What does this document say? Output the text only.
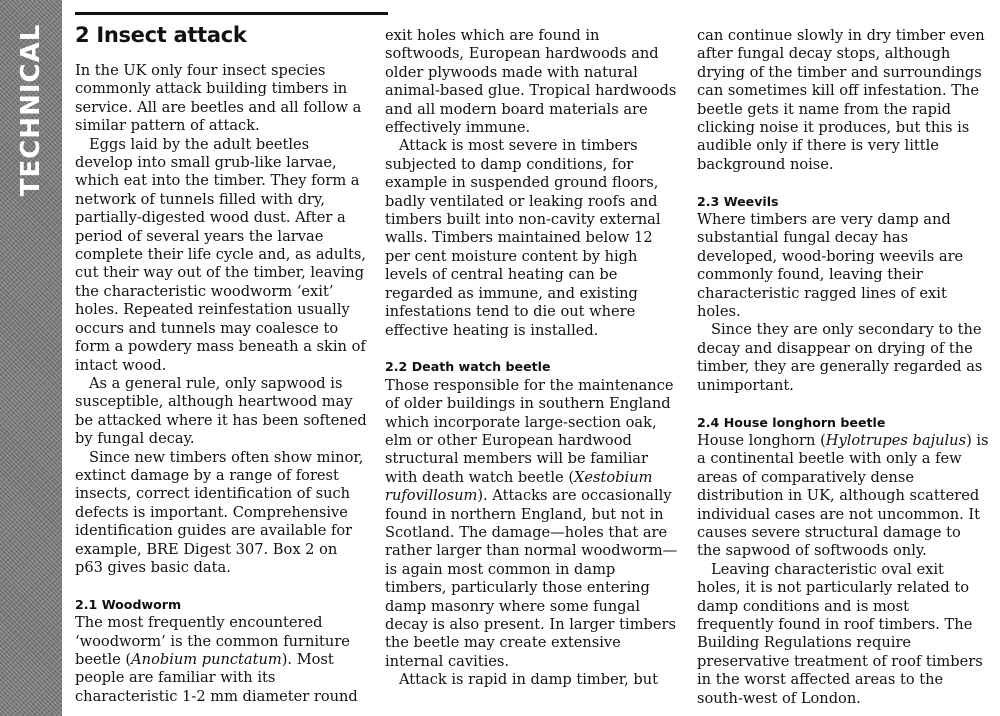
TECHNICAL 2 Insect attack

In the UK only four insect species commonly attack building timbers in service. All are beetles and all follow a similar pattern of attack.

Eggs laid by the adult beetles develop into small grub-like larvae, which eat into the timber. They form a network of tunnels filled with dry, partially-digested wood dust. After a period of several years the larvae complete their life cycle and, as adults, cut their way out of the timber, leaving the characteristic woodworm ‘exit’ holes. Repeated reinfestation usually occurs and tunnels may coalesce to form a powdery mass beneath a skin of intact wood.

As a general rule, only sapwood is susceptible, although heartwood may be attacked where it has been softened by fungal decay.

Since new timbers often show minor, extinct damage by a range of forest insects, correct identification of such defects is important. Comprehensive identification guides are available for example, BRE Digest 307. Box 2 on p63 gives basic data.

2.1 Woodworm

The most frequently encountered ‘woodworm’ is the common furniture beetle (Anobium punctatum). Most people are familiar with its characteristic 1-2 mm diameter round

exit holes which are found in softwoods, European hardwoods and older plywoods made with natural animal-based glue. Tropical hardwoods and all modern board materials are effectively immune.

Attack is most severe in timbers subjected to damp conditions, for example in suspended ground floors, badly ventilated or leaking roofs and timbers built into non-cavity external walls. Timbers maintained below 12 per cent moisture content by high levels of central heating can be regarded as immune, and existing infestations tend to die out where effective heating is installed.

2.2 Death watch beetle

Those responsible for the maintenance of older buildings in southern England which incorporate large-section oak, elm or other European hardwood structural members will be familiar with death watch beetle (Xestobium rufovillosum). Attacks are occasionally found in northern England, but not in Scotland. The damage—holes that are rather larger than normal woodworm—is again most common in damp timbers, particularly those entering damp masonry where some fungal decay is also present. In larger timbers the beetle may create extensive internal cavities.

Attack is rapid in damp timber, but

can continue slowly in dry timber even after fungal decay stops, although drying of the timber and surroundings can sometimes kill off infestation. The beetle gets it name from the rapid clicking noise it produces, but this is audible only if there is very little background noise.

2.3 Weevils

Where timbers are very damp and substantial fungal decay has developed, wood-boring weevils are commonly found, leaving their characteristic ragged lines of exit holes.

Since they are only secondary to the decay and disappear on drying of the timber, they are generally regarded as unimportant.

2.4 House longhorn beetle

House longhorn (Hylotrupes bajulus) is a continental beetle with only a few areas of comparatively dense distribution in UK, although scattered individual cases are not uncommon. It causes severe structural damage to the sapwood of softwoods only.

Leaving characteristic oval exit holes, it is not particularly related to damp conditions and is most frequently found in roof timbers. The Building Regulations require preservative treatment of roof timbers in the worst affected areas to the south-west of London.
